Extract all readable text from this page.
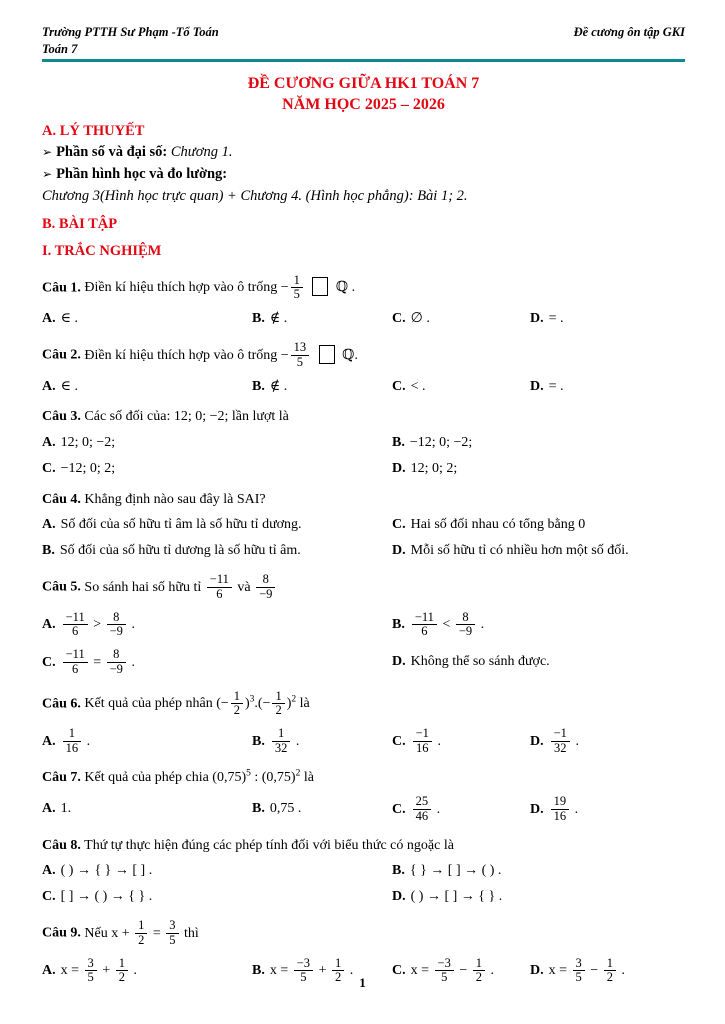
Trường PTTH Sư Phạm -Tổ Toán
Toán 7
Đề cương ôn tập GKI
ĐỀ CƯƠNG GIỮA HK1 TOÁN 7
NĂM HỌC 2025 – 2026
A. LÝ THUYẾT
➢ Phần số và đại số: Chương 1.
➢ Phần hình học và đo lường:
Chương 3(Hình học trực quan) + Chương 4. (Hình học phẳng): Bài 1; 2.
B. BÀI TẬP
I. TRẮC NGHIỆM
Câu 1. Điền kí hiệu thích hợp vào ô trống − $\frac{1}{5}$ ℚ .
A. ∈ .	B. ∉ .	C. ∅ .	D. = .
Câu 2. Điền kí hiệu thích hợp vào ô trống − $\frac{13}{5}$ ℚ.
A. ∈ .	B. ∉ .	C. < .	D. = .
Câu 3. Các số đối của: 12; 0; −2; lần lượt là
A. 12; 0; −2;	B. −12; 0; −2;
C. −12; 0; 2;	D. 12; 0; 2;
Câu 4. Khẳng định nào sau đây là SAI?
A. Số đối của số hữu tỉ âm là số hữu tỉ dương.	C. Hai số đối nhau có tổng bằng 0
B. Số đối của số hữu tỉ dương là số hữu tỉ âm.	D. Mỗi số hữu tỉ có nhiều hơn một số đối.
Câu 5. So sánh hai số hữu tỉ $\frac{-11}{6}$ và $\frac{8}{-9}$
A. $\frac{-11}{6} > \frac{8}{-9}$ .	B. $\frac{-11}{6} < \frac{8}{-9}$ .
C. $\frac{-11}{6} = \frac{8}{-9}$ .	D. Không thể so sánh được.
Câu 6. Kết quả của phép nhân (− $\frac{1}{2} )^3.(- \frac{1}{2} )^2$ là
A. $\frac{1}{16}$ .	B. $\frac{1}{32}$ .	C. $\frac{-1}{16}$ .	D. $\frac{-1}{32}$ .
Câu 7. Kết quả của phép chia $(0,75)^5$ : $(0,75)^2$ là
A. 1.	B. 0,75 .	C. $\frac{25}{46}$ .	D. $\frac{19}{16}$ .
Câu 8. Thứ tự thực hiện đúng các phép tính đối với biểu thức có ngoặc là
A. ( ) → { } → [ ] .	B. { } → [ ] → ( ) .
C. [ ] → ( ) → { } .	D. ( ) → [ ] → { } .
Câu 9. Nếu $x + \frac{1}{2} = \frac{3}{5}$ thì
A. $x = \frac{3}{5} + \frac{1}{2}$ .	B. $x = \frac{-3}{5} + \frac{1}{2}$ .	C. $x = \frac{-3}{5} - \frac{1}{2}$ .	D. $x = \frac{3}{5} - \frac{1}{2}$ .
1
